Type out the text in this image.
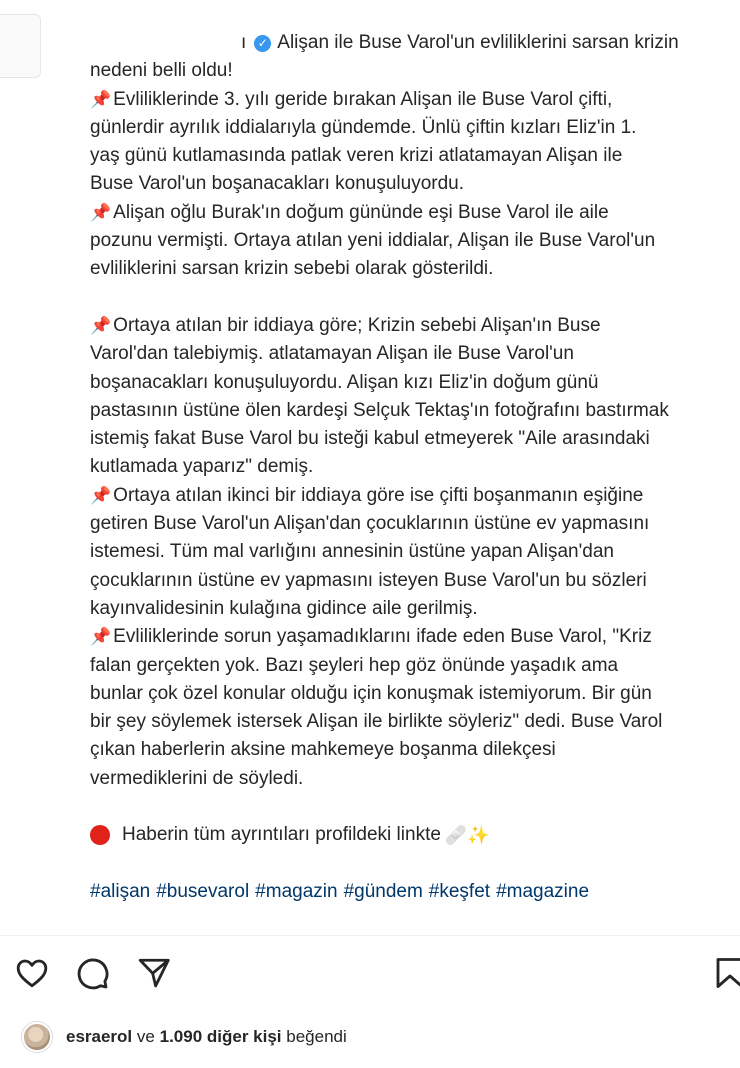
ı ✓ Alişan ile Buse Varol'un evliliklerini sarsan krizin
nedeni belli oldu!
📌 Evliliklerinde 3. yılı geride bırakan Alişan ile Buse Varol çifti,
günlerdir ayrılık iddialarıyla gündemde. Ünlü çiftin kızları Eliz'in 1.
yaş günü kutlamasında patlak veren krizi atlatamayan Alişan ile
Buse Varol'un boşanacakları konuşuluyordu.
📌 Alişan oğlu Burak'ın doğum gününde eşi Buse Varol ile aile
pozunu vermişti. Ortaya atılan yeni iddialar, Alişan ile Buse Varol'un
evliliklerini sarsan krizin sebebi olarak gösterildi.
📌 Ortaya atılan bir iddiaya göre; Krizin sebebi Alişan'ın Buse
Varol'dan talebiymiş. atlatamayan Alişan ile Buse Varol'un
boşanacakları konuşuluyordu. Alişan kızı Eliz'in doğum günü
pastasının üstüne ölen kardeşi Selçuk Tektaş'ın fotoğrafını bastırmak
istemiş fakat Buse Varol bu isteği kabul etmeyerek "Aile arasındaki
kutlamada yaparız" demiş.
📌 Ortaya atılan ikinci bir iddiaya göre ise çifti boşanmanın eşiğine
getiren Buse Varol'un Alişan'dan çocuklarının üstüne ev yapmasını
istemesi. Tüm mal varlığını annesinin üstüne yapan Alişan'dan
çocuklarının üstüne ev yapmasını isteyen Buse Varol'un bu sözleri
kayınvalidesinin kulağına gidince aile gerilmiş.
📌 Evliliklerinde sorun yaşamadıklarını ifade eden Buse Varol, "Kriz
falan gerçekten yok. Bazı şeyleri hep göz önünde yaşadık ama
bunlar çok özel konular olduğu için konuşmak istemiyorum. Bir gün
bir şey söylemek istersek Alişan ile birlikte söyleriz" dedi. Buse Varol
çıkan haberlerin aksine mahkemeye boşanma dilekçesi
vermediklerini de söyledi.
Haberin tüm ayrıntıları profildeki linkte 🩹✨
#alişan #busevarol #magazin #gündem #keşfet #magazine
esraerol
ve
1.090 diğer kişi
beğendi
